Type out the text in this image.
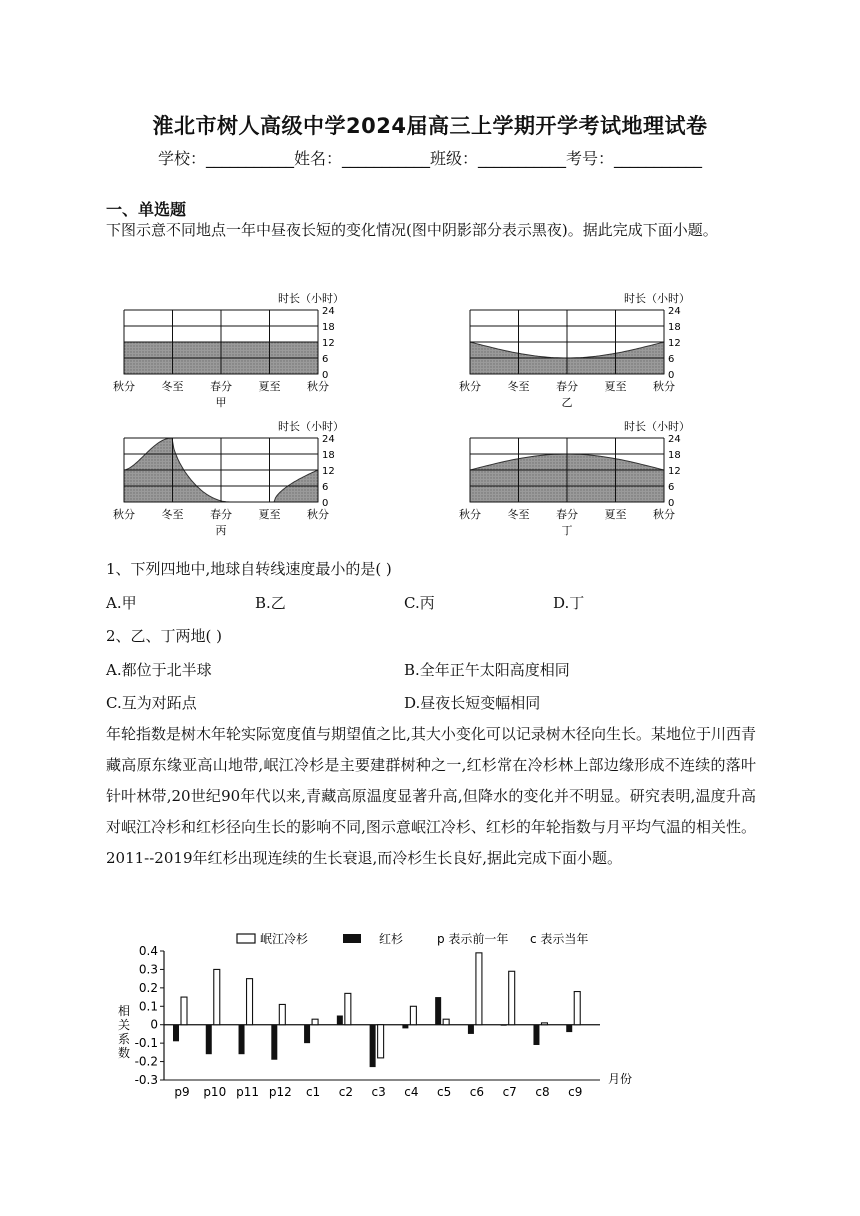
淮北市树人高级中学2024届高三上学期开学考试地理试卷
学校：___________姓名：___________班级：___________考号：___________
一、单选题
下图示意不同地点一年中昼夜长短的变化情况(图中阴影部分表示黑夜)。据此完成下面小题。
时长（小时）
24
18
12
6
0
秋分 冬至 春分 夏至 秋分
甲
时长（小时）
24
18
12
6
0
秋分 冬至 春分 夏至 秋分
乙
时长（小时）
24
18
12
6
0
秋分 冬至 春分 夏至 秋分
丙
时长（小时）
24
18
12
6
0
秋分 冬至 春分 夏至 秋分
丁
1、下列四地中,地球自转线速度最小的是( )
A.甲	B.乙	C.丙	D.丁
2、乙、丁两地( )
A.都位于北半球	B.全年正午太阳高度相同
C.互为对跖点	D.昼夜长短变幅相同
年轮指数是树木年轮实际宽度值与期望值之比,其大小变化可以记录树木径向生长。某地位于川西青藏高原东缘亚高山地带,岷江冷杉是主要建群树种之一,红杉常在冷杉林上部边缘形成不连续的落叶针叶林带,20世纪90年代以来,青藏高原温度显著升高,但降水的变化并不明显。研究表明,温度升高对岷江冷杉和红杉径向生长的影响不同,图示意岷江冷杉、红杉的年轮指数与月平均气温的相关性。2011--2019年红杉出现连续的生长衰退,而冷杉生长良好,据此完成下面小题。
岷江冷杉	红杉	p 表示前一年 c 表示当年
相关系数
0.4
0.3
0.2
0.1
0
-0.1
-0.2
-0.3
p9 p10 p11 p12 c1 c2 c3 c4 c5 c6 c7 c8 c9
月份
